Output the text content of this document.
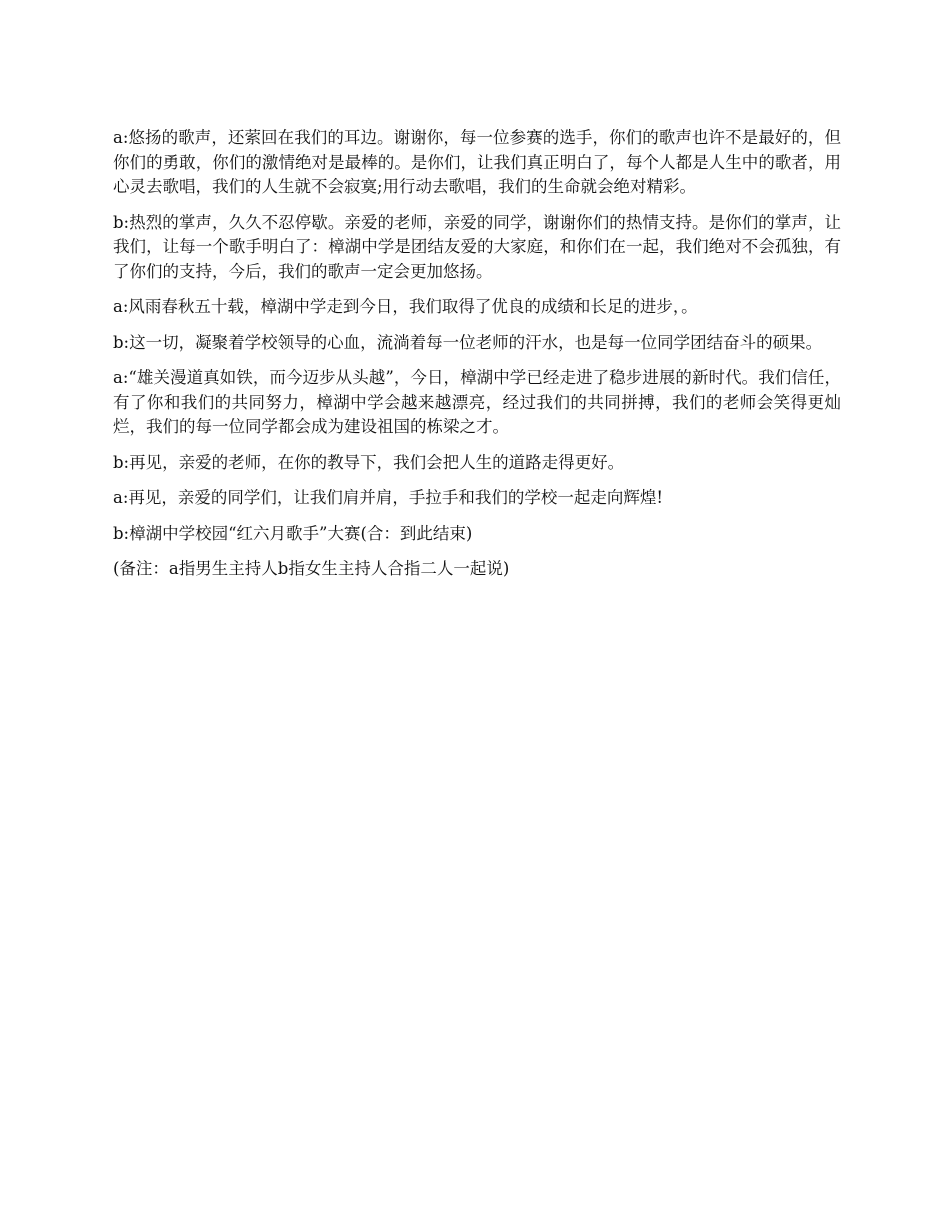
a:悠扬的歌声，还萦回在我们的耳边。谢谢你，每一位参赛的选手，你们的歌声也许不是最好的，但你们的勇敢，你们的激情绝对是最棒的。是你们，让我们真正明白了，每个人都是人生中的歌者，用心灵去歌唱，我们的人生就不会寂寞;用行动去歌唱，我们的生命就会绝对精彩。

b:热烈的掌声，久久不忍停歇。亲爱的老师，亲爱的同学，谢谢你们的热情支持。是你们的掌声，让我们，让每一个歌手明白了：樟湖中学是团结友爱的大家庭，和你们在一起，我们绝对不会孤独，有了你们的支持，今后，我们的歌声一定会更加悠扬。

a:风雨春秋五十载，樟湖中学走到今日，我们取得了优良的成绩和长足的进步，。

b:这一切，凝聚着学校领导的心血，流淌着每一位老师的汗水，也是每一位同学团结奋斗的硕果。

a:“雄关漫道真如铁，而今迈步从头越”，今日，樟湖中学已经走进了稳步进展的新时代。我们信任，有了你和我们的共同努力，樟湖中学会越来越漂亮，经过我们的共同拼搏，我们的老师会笑得更灿烂，我们的每一位同学都会成为建设祖国的栋梁之才。

b:再见，亲爱的老师，在你的教导下，我们会把人生的道路走得更好。

a:再见，亲爱的同学们，让我们肩并肩，手拉手和我们的学校一起走向辉煌!

b:樟湖中学校园“红六月歌手”大赛(合：到此结束)

(备注：a指男生主持人b指女生主持人合指二人一起说)
